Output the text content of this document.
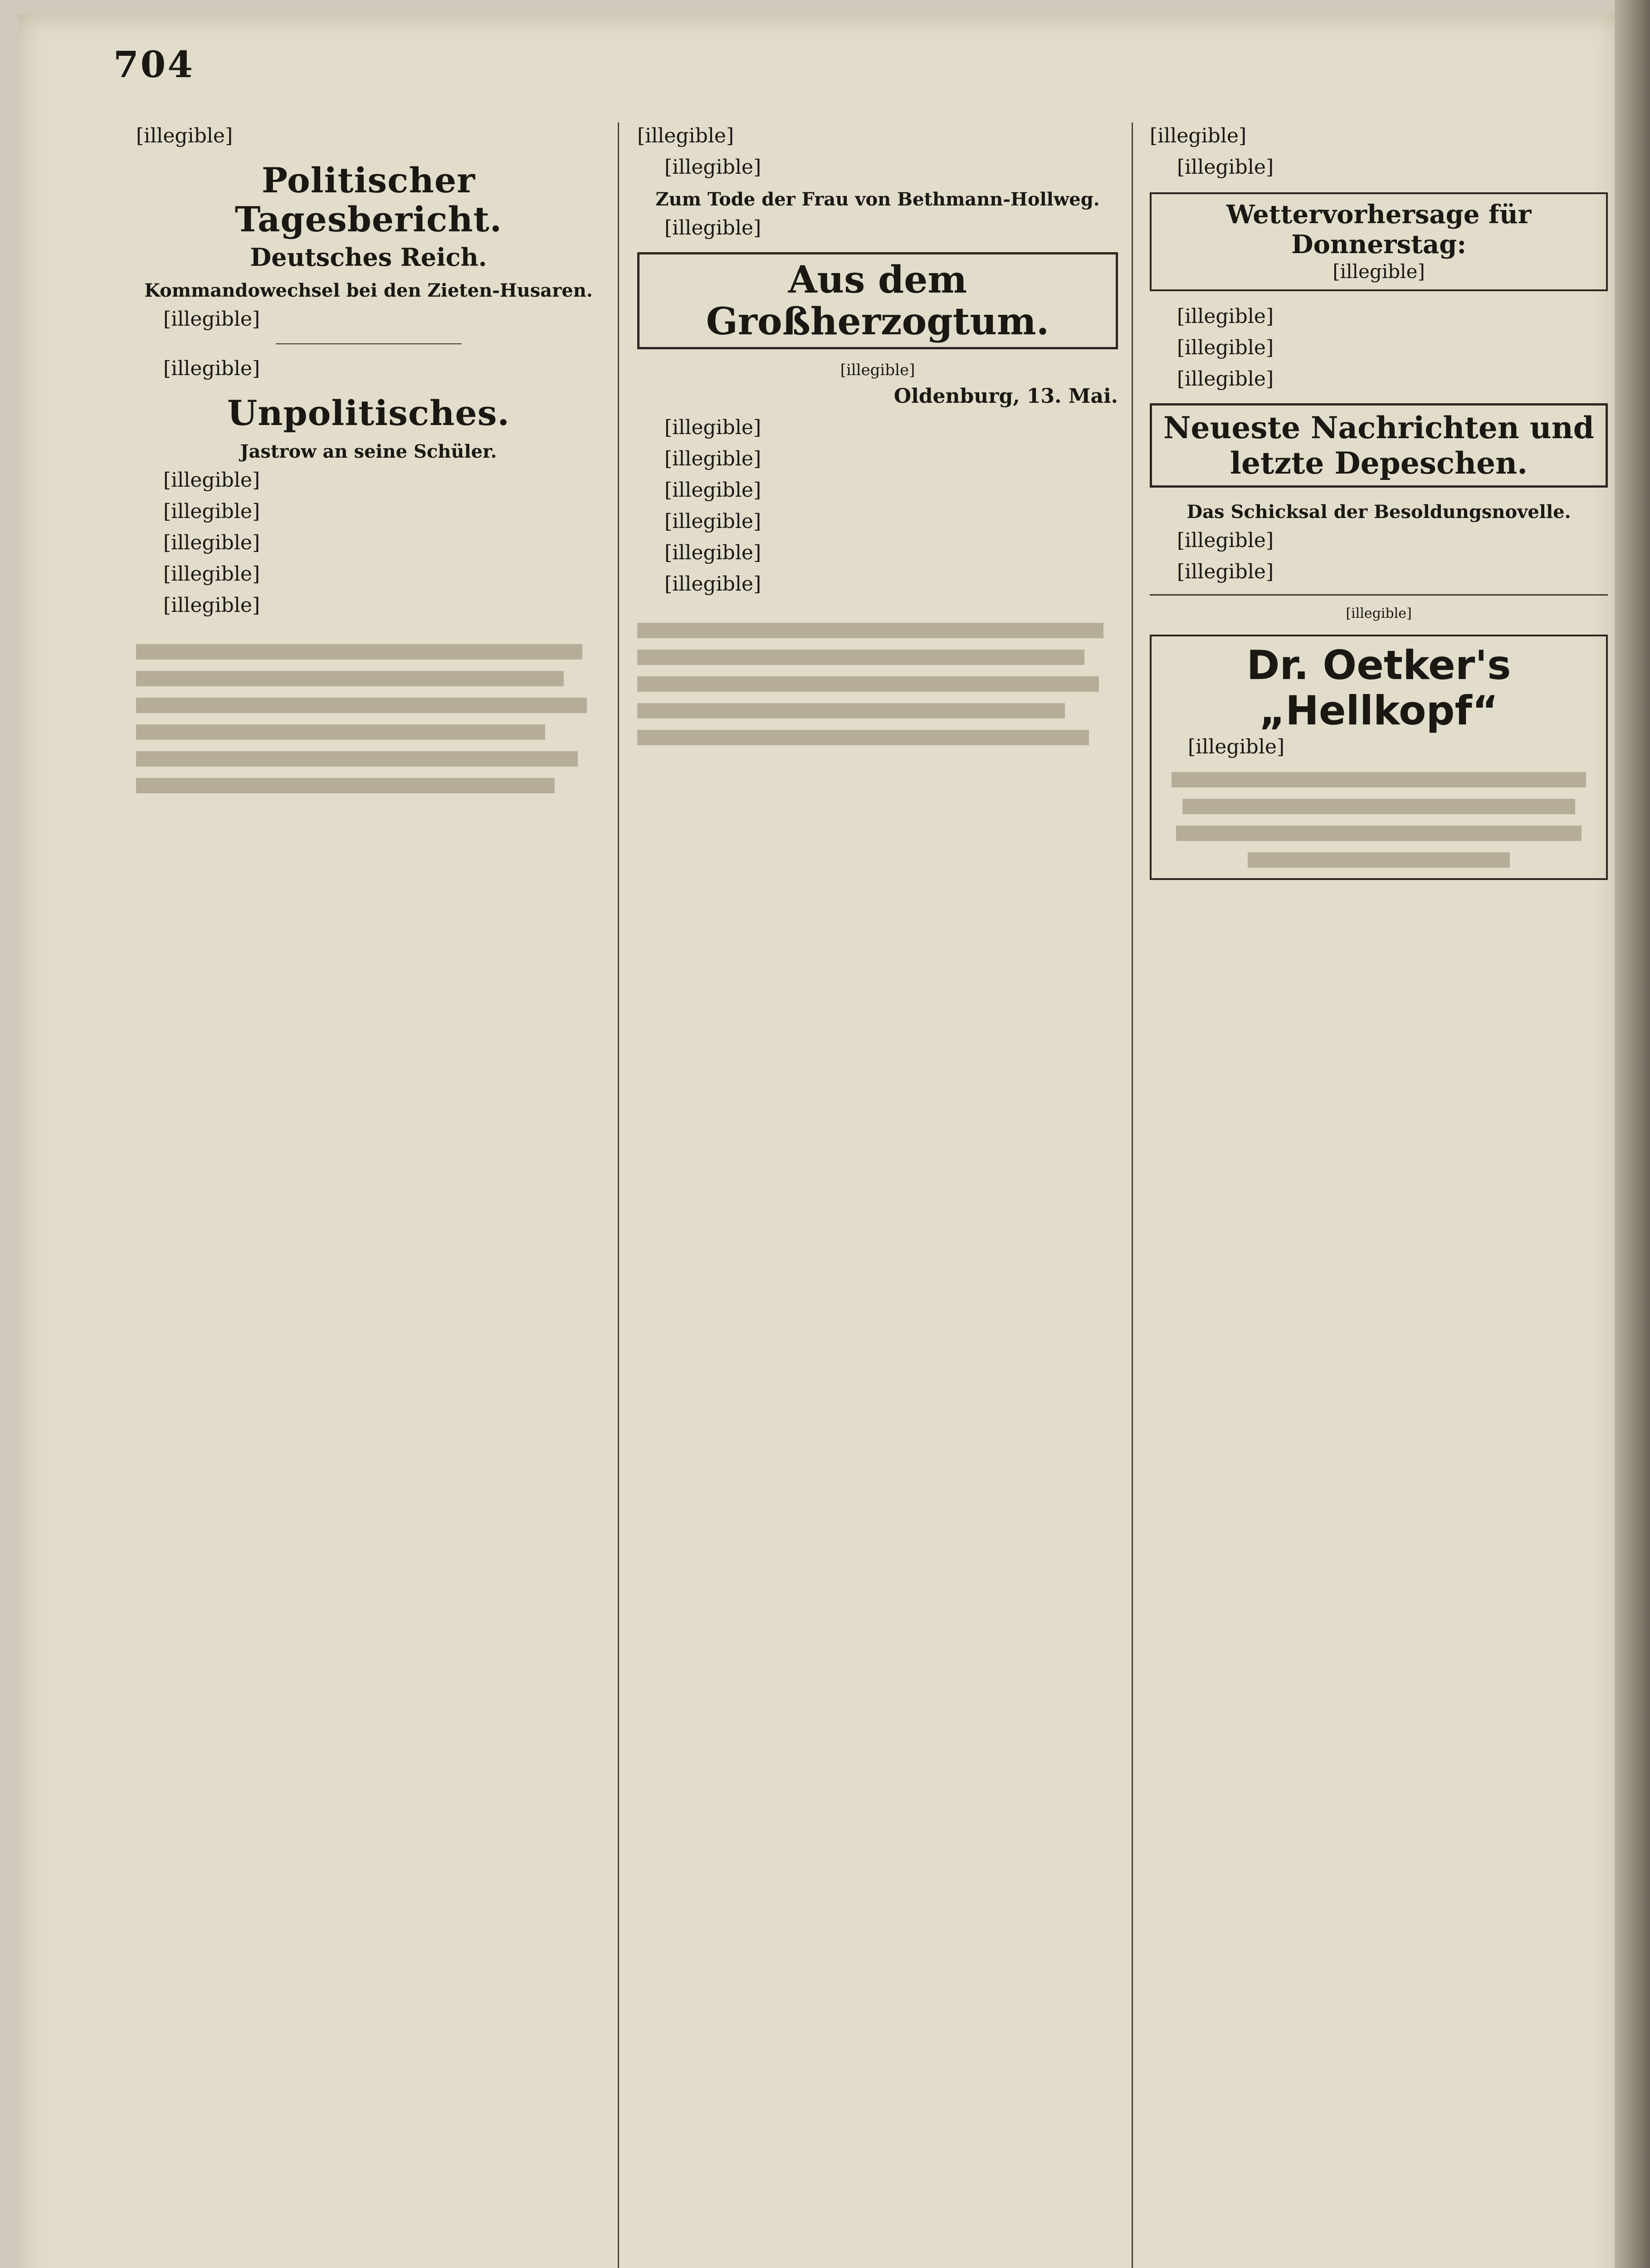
704

[illegible]

Politischer Tagesbericht.
Deutsches Reich.
Kommandowechsel bei den Zieten-Husaren.

[illegible]

[illegible]

Unpolitisches.
Jastrow an seine Schüler.

[illegible]

[illegible]

[illegible]

[illegible]

[illegible]

[illegible]

[illegible]

Zum Tode der Frau von Bethmann-Hollweg.

[illegible]

Aus dem Großherzogtum.
[illegible]
Oldenburg, 13. Mai.

[illegible]

[illegible]

[illegible]

[illegible]

[illegible]

[illegible]

[illegible]

[illegible]

Wettervorhersage für Donnerstag:
[illegible]

[illegible]

[illegible]

[illegible]

Neueste Nachrichten und letzte Depeschen.
Das Schicksal der Besoldungsnovelle.

[illegible]

[illegible]

[illegible]
Dr. Oetker's „Hellkopf“

[illegible]
